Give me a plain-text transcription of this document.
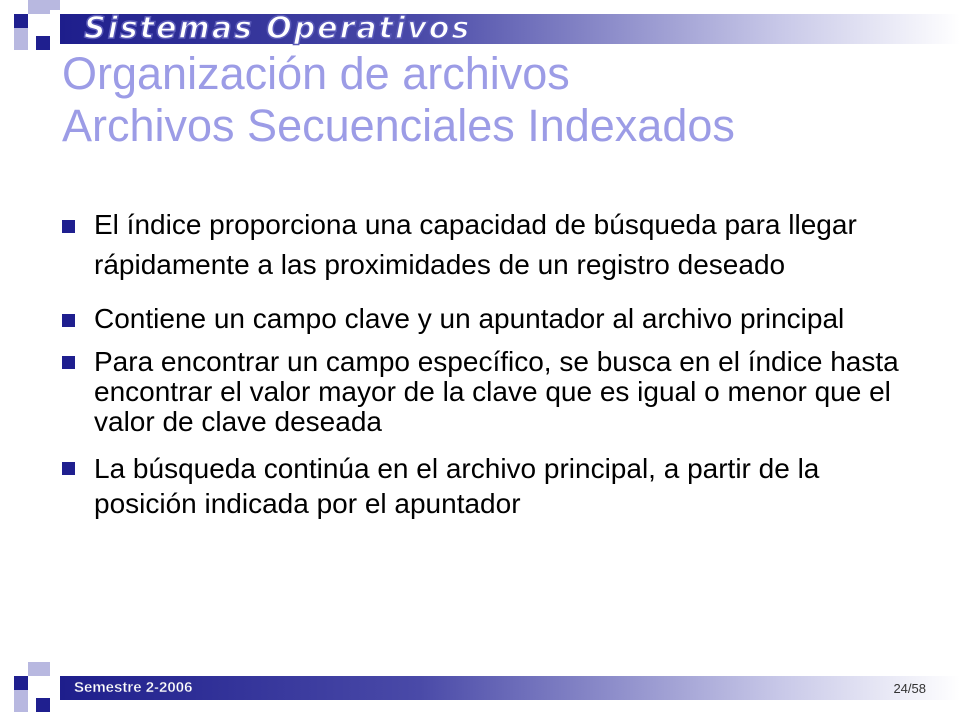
Sistemas Operativos
Organización de archivos
Archivos Secuenciales Indexados
El índice proporciona una capacidad de búsqueda para llegar rápidamente a las proximidades de un registro deseado
Contiene un campo clave y un apuntador al archivo principal
Para encontrar un campo específico, se busca en el índice hasta encontrar el valor mayor de la clave que es igual o menor que el valor de clave deseada
La búsqueda continúa en el archivo principal, a partir de la posición indicada por el apuntador
Semestre 2-2006	24/58
